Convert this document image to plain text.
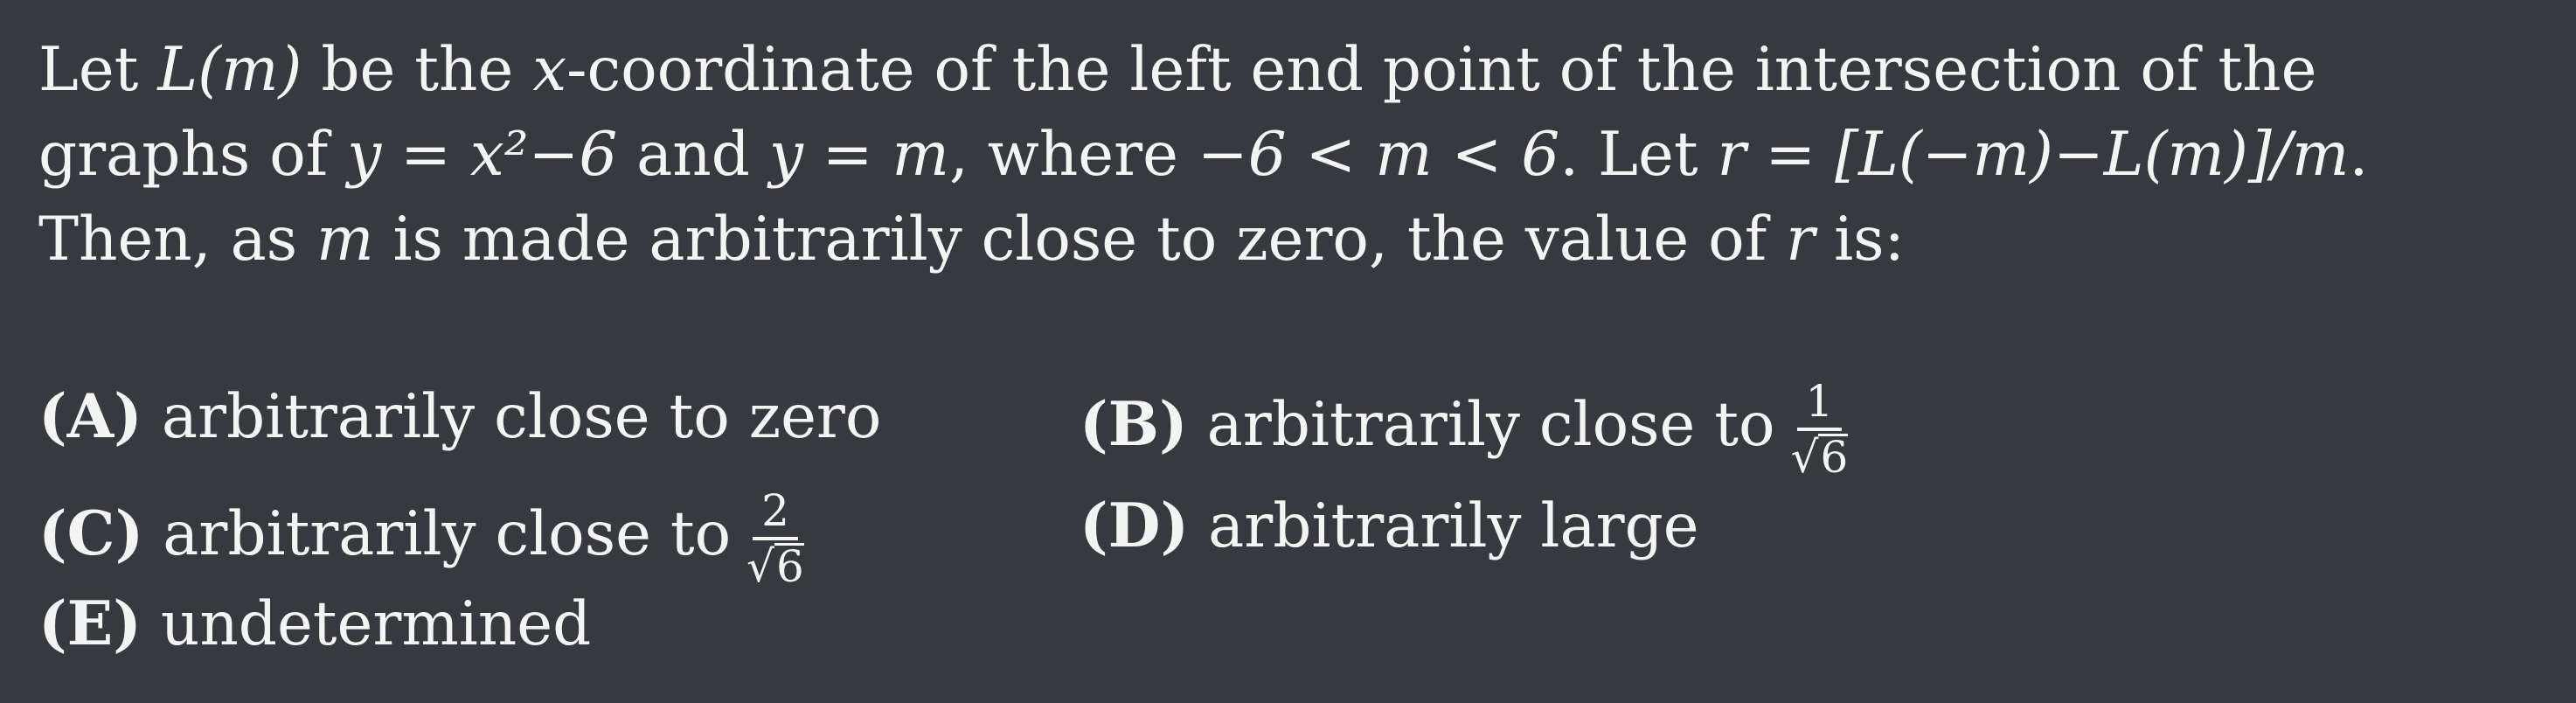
Let L(m) be the x-coordinate of the left end point of the intersection of the
graphs of y = x²−6 and y = m, where −6 < m < 6. Let r = [L(−m)−L(m)]/m.
Then, as m is made arbitrarily close to zero, the value of r is:
(A) arbitrarily close to zero	(B) arbitrarily close to $\frac{1}{√6}$
(C) arbitrarily close to $\frac{2}{√6}$	(D) arbitrarily large
(E) undetermined
